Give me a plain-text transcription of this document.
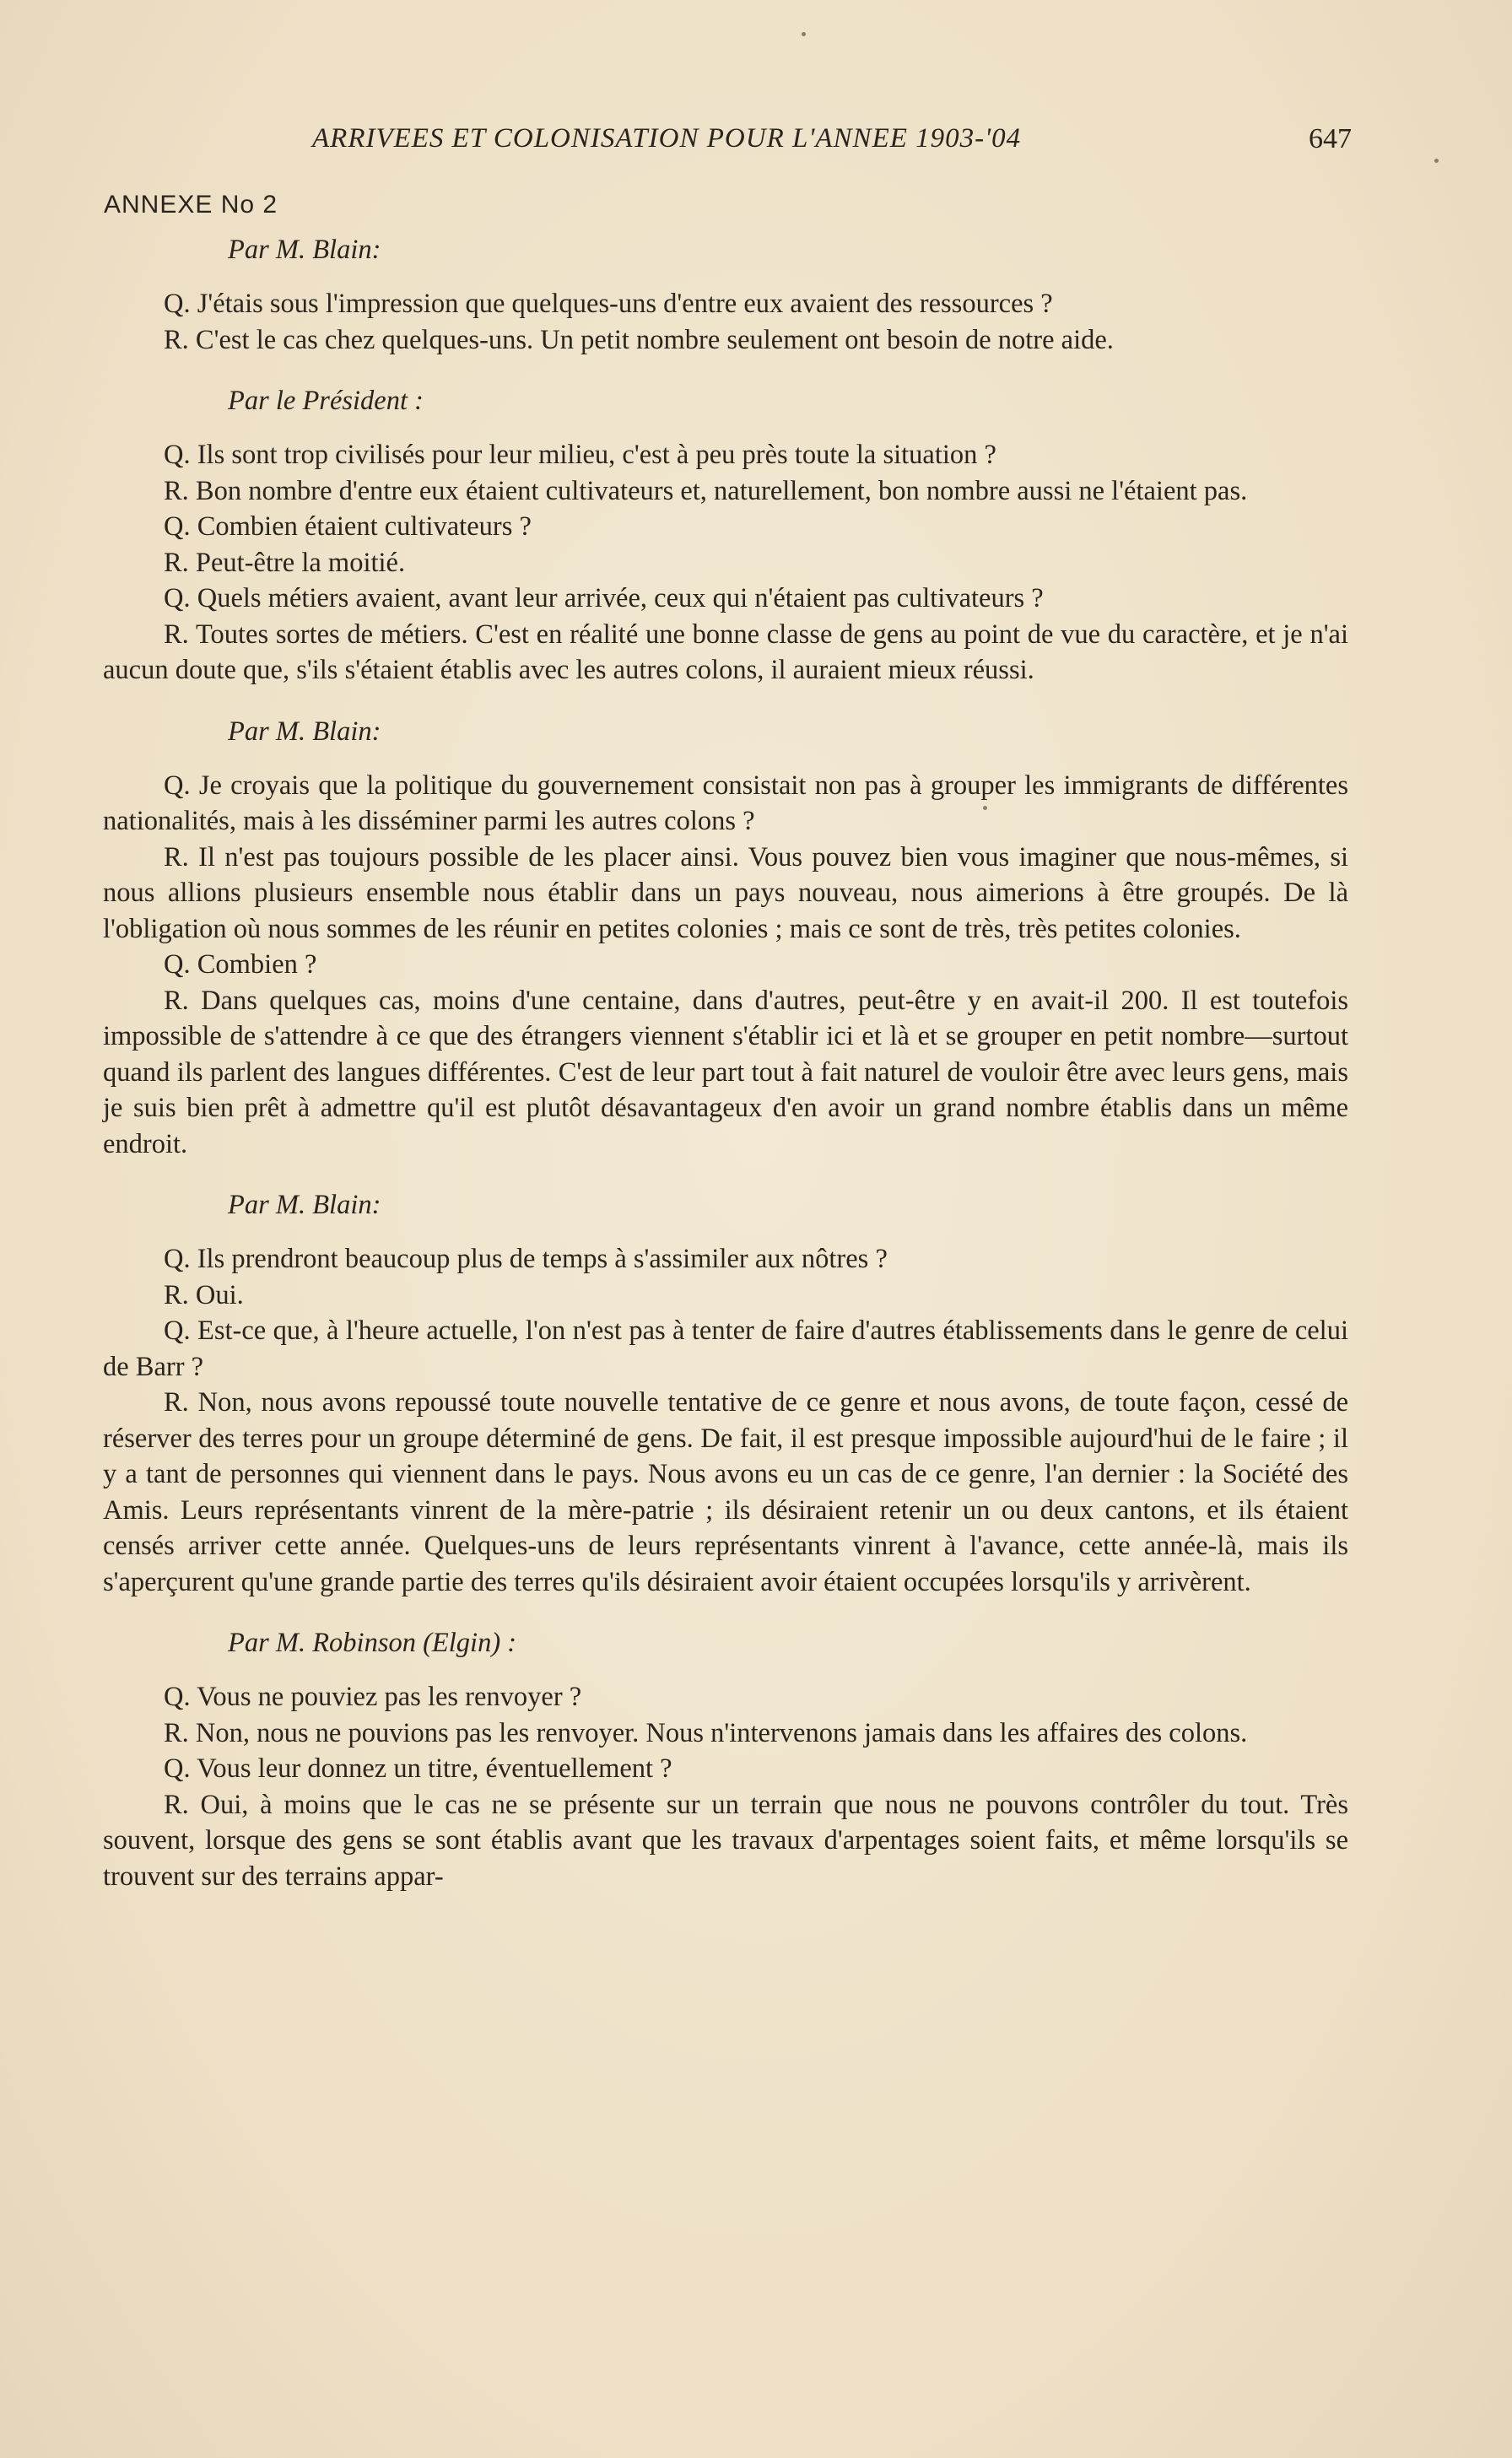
ARRIVEES ET COLONISATION POUR L'ANNEE 1903-'04	647
ANNEXE No 2
Par M. Blain:

Q. J'étais sous l'impression que quelques-uns d'entre eux avaient des ressources ?

R. C'est le cas chez quelques-uns. Un petit nombre seulement ont besoin de notre aide.

Par le Président :

Q. Ils sont trop civilisés pour leur milieu, c'est à peu près toute la situation ?

R. Bon nombre d'entre eux étaient cultivateurs et, naturellement, bon nombre aussi ne l'étaient pas.

Q. Combien étaient cultivateurs ?

R. Peut-être la moitié.

Q. Quels métiers avaient, avant leur arrivée, ceux qui n'étaient pas cultivateurs ?

R. Toutes sortes de métiers. C'est en réalité une bonne classe de gens au point de vue du caractère, et je n'ai aucun doute que, s'ils s'étaient établis avec les autres colons, il auraient mieux réussi.

Par M. Blain:

Q. Je croyais que la politique du gouvernement consistait non pas à grouper les immigrants de différentes nationalités, mais à les disséminer parmi les autres colons ?

R. Il n'est pas toujours possible de les placer ainsi. Vous pouvez bien vous imaginer que nous-mêmes, si nous allions plusieurs ensemble nous établir dans un pays nouveau, nous aimerions à être groupés. De là l'obligation où nous sommes de les réunir en petites colonies ; mais ce sont de très, très petites colonies.

Q. Combien ?

R. Dans quelques cas, moins d'une centaine, dans d'autres, peut-être y en avait-il 200. Il est toutefois impossible de s'attendre à ce que des étrangers viennent s'établir ici et là et se grouper en petit nombre—surtout quand ils parlent des langues différentes. C'est de leur part tout à fait naturel de vouloir être avec leurs gens, mais je suis bien prêt à admettre qu'il est plutôt désavantageux d'en avoir un grand nombre établis dans un même endroit.

Par M. Blain:

Q. Ils prendront beaucoup plus de temps à s'assimiler aux nôtres ?

R. Oui.

Q. Est-ce que, à l'heure actuelle, l'on n'est pas à tenter de faire d'autres établissements dans le genre de celui de Barr ?

R. Non, nous avons repoussé toute nouvelle tentative de ce genre et nous avons, de toute façon, cessé de réserver des terres pour un groupe déterminé de gens. De fait, il est presque impossible aujourd'hui de le faire ; il y a tant de personnes qui viennent dans le pays. Nous avons eu un cas de ce genre, l'an dernier : la Société des Amis. Leurs représentants vinrent de la mère-patrie ; ils désiraient retenir un ou deux cantons, et ils étaient censés arriver cette année. Quelques-uns de leurs représentants vinrent à l'avance, cette année-là, mais ils s'aperçurent qu'une grande partie des terres qu'ils désiraient avoir étaient occupées lorsqu'ils y arrivèrent.

Par M. Robinson (Elgin) :

Q. Vous ne pouviez pas les renvoyer ?

R. Non, nous ne pouvions pas les renvoyer. Nous n'intervenons jamais dans les affaires des colons.

Q. Vous leur donnez un titre, éventuellement ?

R. Oui, à moins que le cas ne se présente sur un terrain que nous ne pouvons contrôler du tout. Très souvent, lorsque des gens se sont établis avant que les travaux d'arpentages soient faits, et même lorsqu'ils se trouvent sur des terrains appar-
